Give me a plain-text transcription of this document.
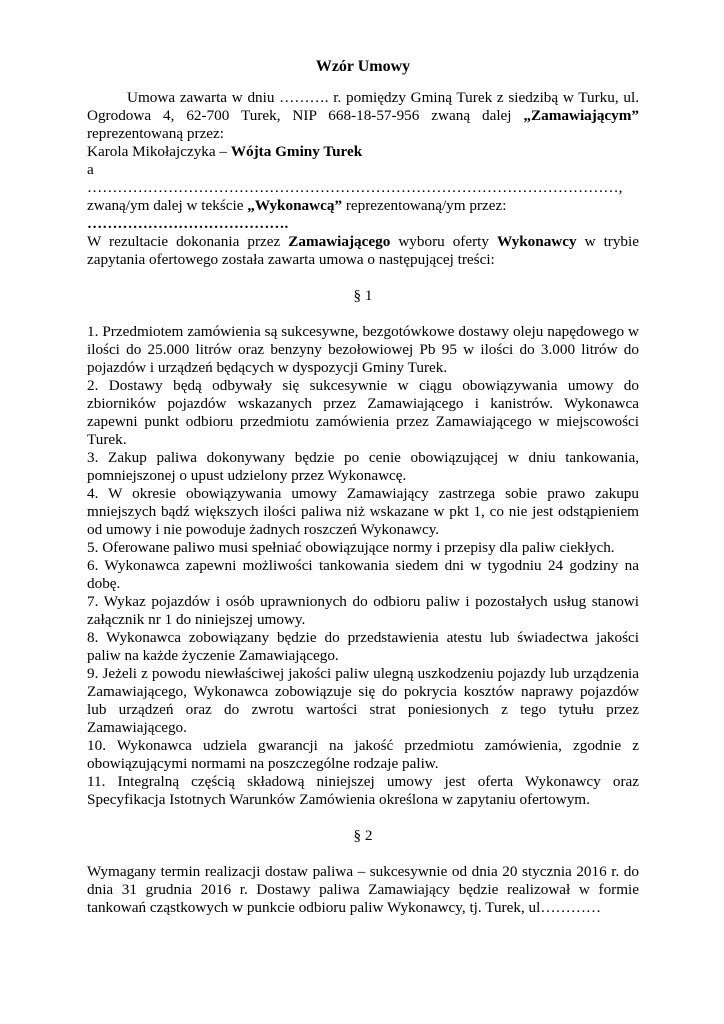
Wzór Umowy

Umowa zawarta w dniu ………. r. pomiędzy Gminą Turek z siedzibą w Turku, ul. Ogrodowa 4, 62-700 Turek, NIP 668-18-57-956 zwaną dalej „Zamawiającym” reprezentowaną przez:

Karola Mikołajczyka – Wójta Gminy Turek

a

……………………………………………………………………………………………,

zwaną/ym dalej w tekście „Wykonawcą” reprezentowaną/ym przez:

………………………………….

W rezultacie dokonania przez Zamawiającego wyboru oferty Wykonawcy w trybie zapytania ofertowego została zawarta umowa o następującej treści:

§ 1

1. Przedmiotem zamówienia są sukcesywne, bezgotówkowe dostawy oleju napędowego w ilości do 25.000 litrów oraz benzyny bezołowiowej Pb 95 w ilości do 3.000 litrów do pojazdów i urządzeń będących w dyspozycji Gminy Turek.

2. Dostawy będą odbywały się sukcesywnie w ciągu obowiązywania umowy do zbiorników pojazdów wskazanych przez Zamawiającego i kanistrów. Wykonawca zapewni punkt odbioru przedmiotu zamówienia przez Zamawiającego w miejscowości Turek.

3. Zakup paliwa dokonywany będzie po cenie obowiązującej w dniu tankowania, pomniejszonej o upust udzielony przez Wykonawcę.

4. W okresie obowiązywania umowy Zamawiający zastrzega sobie prawo zakupu mniejszych bądź większych ilości paliwa niż wskazane w pkt 1, co nie jest odstąpieniem od umowy i nie powoduje żadnych roszczeń Wykonawcy.

5. Oferowane paliwo musi spełniać obowiązujące normy i przepisy dla paliw ciekłych.

6. Wykonawca zapewni możliwości tankowania siedem dni w tygodniu 24 godziny na dobę.

7. Wykaz pojazdów i osób uprawnionych do odbioru paliw i pozostałych usług stanowi załącznik nr 1 do niniejszej umowy.

8. Wykonawca zobowiązany będzie do przedstawienia atestu lub świadectwa jakości paliw na każde życzenie Zamawiającego.

9. Jeżeli z powodu niewłaściwej jakości paliw ulegną uszkodzeniu pojazdy lub urządzenia Zamawiającego, Wykonawca zobowiązuje się do pokrycia kosztów naprawy pojazdów lub urządzeń oraz do zwrotu wartości strat poniesionych z tego tytułu przez Zamawiającego.

10. Wykonawca udziela gwarancji na jakość przedmiotu zamówienia, zgodnie z obowiązującymi normami na poszczególne rodzaje paliw.

11. Integralną częścią składową niniejszej umowy jest oferta Wykonawcy oraz Specyfikacja Istotnych Warunków Zamówienia określona w zapytaniu ofertowym.

§ 2

Wymagany termin realizacji dostaw paliwa – sukcesywnie od dnia 20 stycznia 2016 r. do dnia 31 grudnia 2016 r. Dostawy paliwa Zamawiający będzie realizował w formie tankowań cząstkowych w punkcie odbioru paliw Wykonawcy, tj. Turek, ul…………
